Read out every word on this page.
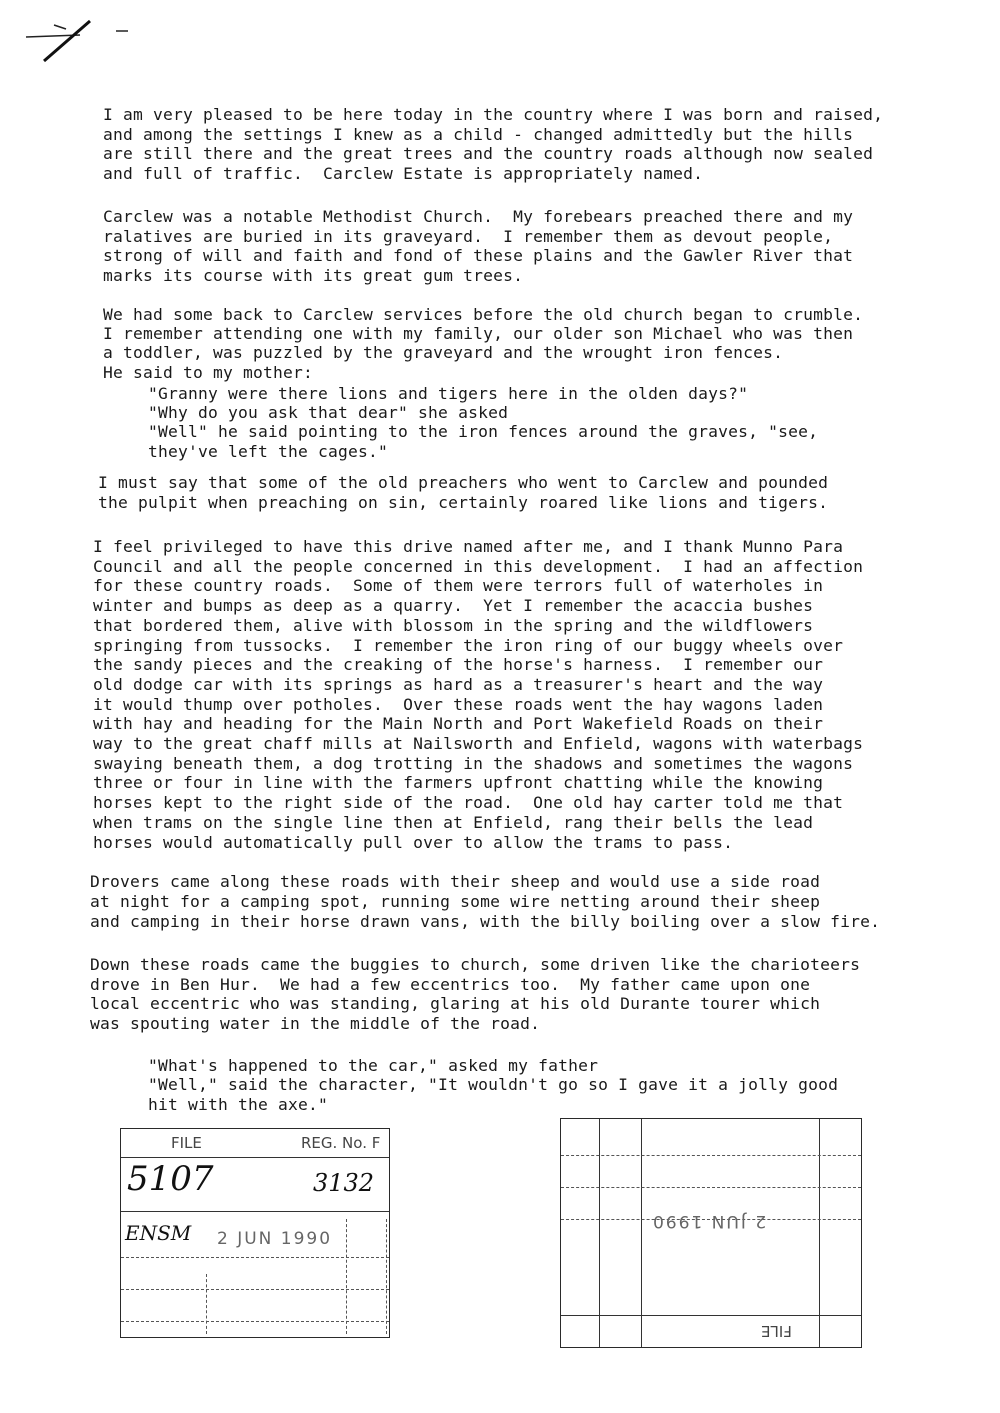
I am very pleased to be here today in the country where I was born and raised,
and among the settings I knew as a child - changed admittedly but the hills
are still there and the great trees and the country roads although now sealed
and full of traffic.  Carclew Estate is appropriately named.
Carclew was a notable Methodist Church.  My forebears preached there and my
ralatives are buried in its graveyard.  I remember them as devout people,
strong of will and faith and fond of these plains and the Gawler River that
marks its course with its great gum trees.
We had some back to Carclew services before the old church began to crumble.
I remember attending one with my family, our older son Michael who was then
a toddler, was puzzled by the graveyard and the wrought iron fences.
He said to my mother:
"Granny were there lions and tigers here in the olden days?"
"Why do you ask that dear" she asked
"Well" he said pointing to the iron fences around the graves, "see,
they've left the cages."
I must say that some of the old preachers who went to Carclew and pounded
the pulpit when preaching on sin, certainly roared like lions and tigers.
I feel privileged to have this drive named after me, and I thank Munno Para
Council and all the people concerned in this development.  I had an affection
for these country roads.  Some of them were terrors full of waterholes in
winter and bumps as deep as a quarry.  Yet I remember the acaccia bushes
that bordered them, alive with blossom in the spring and the wildflowers
springing from tussocks.  I remember the iron ring of our buggy wheels over
the sandy pieces and the creaking of the horse's harness.  I remember our
old dodge car with its springs as hard as a treasurer's heart and the way
it would thump over potholes.  Over these roads went the hay wagons laden
with hay and heading for the Main North and Port Wakefield Roads on their
way to the great chaff mills at Nailsworth and Enfield, wagons with waterbags
swaying beneath them, a dog trotting in the shadows and sometimes the wagons
three or four in line with the farmers upfront chatting while the knowing
horses kept to the right side of the road.  One old hay carter told me that
when trams on the single line then at Enfield, rang their bells the lead
horses would automatically pull over to allow the trams to pass.
Drovers came along these roads with their sheep and would use a side road
at night for a camping spot, running some wire netting around their sheep
and camping in their horse drawn vans, with the billy boiling over a slow fire.
Down these roads came the buggies to church, some driven like the charioteers
drove in Ben Hur.  We had a few eccentrics too.  My father came upon one
local eccentric who was standing, glaring at his old Durante tourer which
was spouting water in the middle of the road.
"What's happened to the car," asked my father
"Well," said the character, "It wouldn't go so I gave it a jolly good
hit with the axe."
FILE	REG. No. F
5107	3132
ENSM 2 JUN 1990
2 JUN 1990
FILE
